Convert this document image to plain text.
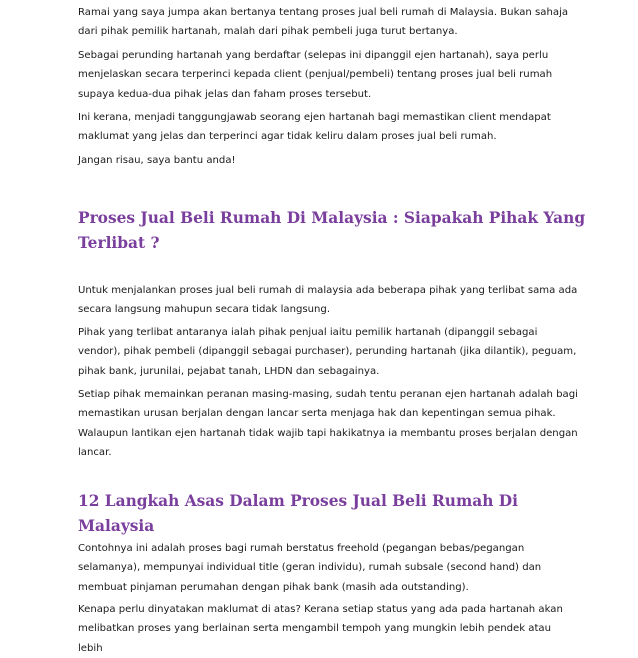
Ramai yang saya jumpa akan bertanya tentang proses jual beli rumah di Malaysia. Bukan sahaja dari pihak pemilik hartanah, malah dari pihak pembeli juga turut bertanya.

Sebagai perunding hartanah yang berdaftar (selepas ini dipanggil ejen hartanah), saya perlu menjelaskan secara terperinci kepada client (penjual/pembeli) tentang proses jual beli rumah supaya kedua-dua pihak jelas dan faham proses tersebut.

Ini kerana, menjadi tanggungjawab seorang ejen hartanah bagi memastikan client mendapat maklumat yang jelas dan terperinci agar tidak keliru dalam proses jual beli rumah.

Jangan risau, saya bantu anda!

Proses Jual Beli Rumah Di Malaysia : Siapakah Pihak Yang Terlibat ?

Untuk menjalankan proses jual beli rumah di malaysia ada beberapa pihak yang terlibat sama ada secara langsung mahupun secara tidak langsung.

Pihak yang terlibat antaranya ialah pihak penjual iaitu pemilik hartanah (dipanggil sebagai vendor), pihak pembeli (dipanggil sebagai purchaser), perunding hartanah (jika dilantik), peguam, pihak bank, jurunilai, pejabat tanah, LHDN dan sebagainya.

Setiap pihak memainkan peranan masing-masing, sudah tentu peranan ejen hartanah adalah bagi memastikan urusan berjalan dengan lancar serta menjaga hak dan kepentingan semua pihak. Walaupun lantikan ejen hartanah tidak wajib tapi hakikatnya ia membantu proses berjalan dengan lancar.

12 Langkah Asas Dalam Proses Jual Beli Rumah Di Malaysia

Contohnya ini adalah proses bagi rumah berstatus freehold (pegangan bebas/pegangan selamanya), mempunyai individual title (geran individu), rumah subsale (second hand) dan membuat pinjaman perumahan dengan pihak bank (masih ada outstanding).

Kenapa perlu dinyatakan maklumat di atas? Kerana setiap status yang ada pada hartanah akan melibatkan proses yang berlainan serta mengambil tempoh yang mungkin lebih pendek atau lebih
